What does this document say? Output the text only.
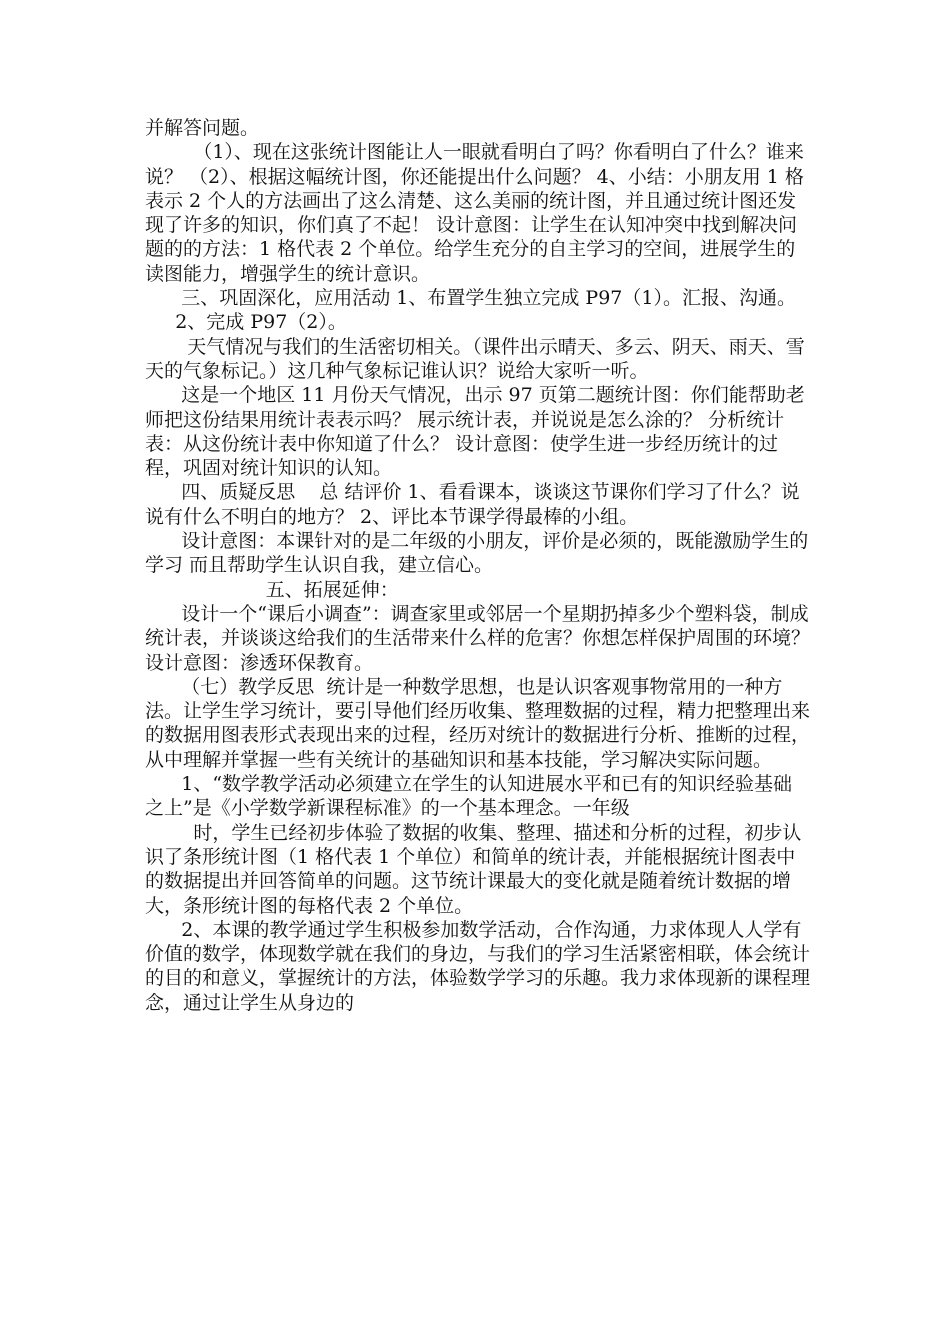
并解答问题。

（1）、现在这张统计图能让人一眼就看明白了吗？你看明白了什么？谁来说？ （2）、根据这幅统计图，你还能提出什么问题？ 4、小结：小朋友用 1 格表示 2 个人的方法画出了这么清楚、这么美丽的统计图，并且通过统计图还发现了许多的知识，你们真了不起！ 设计意图：让学生在认知冲突中找到解决问题的的方法：1 格代表 2 个单位。给学生充分的自主学习的空间，进展学生的读图能力，增强学生的统计意识。

三、巩固深化，应用活动 1、布置学生独立完成 P97（1）。汇报、沟通。

2、完成 P97（2）。

天气情况与我们的生活密切相关。（课件出示晴天、多云、阴天、雨天、雪天的气象标记。）这几种气象标记谁认识？说给大家听一听。

这是一个地区 11 月份天气情况，出示 97 页第二题统计图：你们能帮助老师把这份结果用统计表表示吗？ 展示统计表，并说说是怎么涂的？ 分析统计表：从这份统计表中你知道了什么？ 设计意图：使学生进一步经历统计的过程，巩固对统计知识的认知。

四、质疑反思    总 结评价 1、看看课本，谈谈这节课你们学习了什么？说说有什么不明白的地方？ 2、评比本节课学得最棒的小组。

设计意图：本课针对的是二年级的小朋友，评价是必须的，既能激励学生的学习 而且帮助学生认识自我，建立信心。

五、拓展延伸：

设计一个“课后小调查”：调查家里或邻居一个星期扔掉多少个塑料袋，制成统计表，并谈谈这给我们的生活带来什么样的危害？你想怎样保护周围的环境？  设计意图：渗透环保教育。

（七）教学反思  统计是一种数学思想，也是认识客观事物常用的一种方法。让学生学习统计，要引导他们经历收集、整理数据的过程，精力把整理出来的数据用图表形式表现出来的过程，经历对统计的数据进行分析、推断的过程，从中理解并掌握一些有关统计的基础知识和基本技能，学习解决实际问题。

1、“数学教学活动必须建立在学生的认知进展水平和已有的知识经验基础之上”是《小学数学新课程标准》的一个基本理念。一年级

时，学生已经初步体验了数据的收集、整理、描述和分析的过程，初步认识了条形统计图（1 格代表 1 个单位）和简单的统计表，并能根据统计图表中的数据提出并回答简单的问题。这节统计课最大的变化就是随着统计数据的增大，条形统计图的每格代表 2 个单位。

2、本课的教学通过学生积极参加数学活动，合作沟通，力求体现人人学有价值的数学，体现数学就在我们的身边，与我们的学习生活紧密相联，体会统计的目的和意义，掌握统计的方法，体验数学学习的乐趣。我力求体现新的课程理念，通过让学生从身边的
